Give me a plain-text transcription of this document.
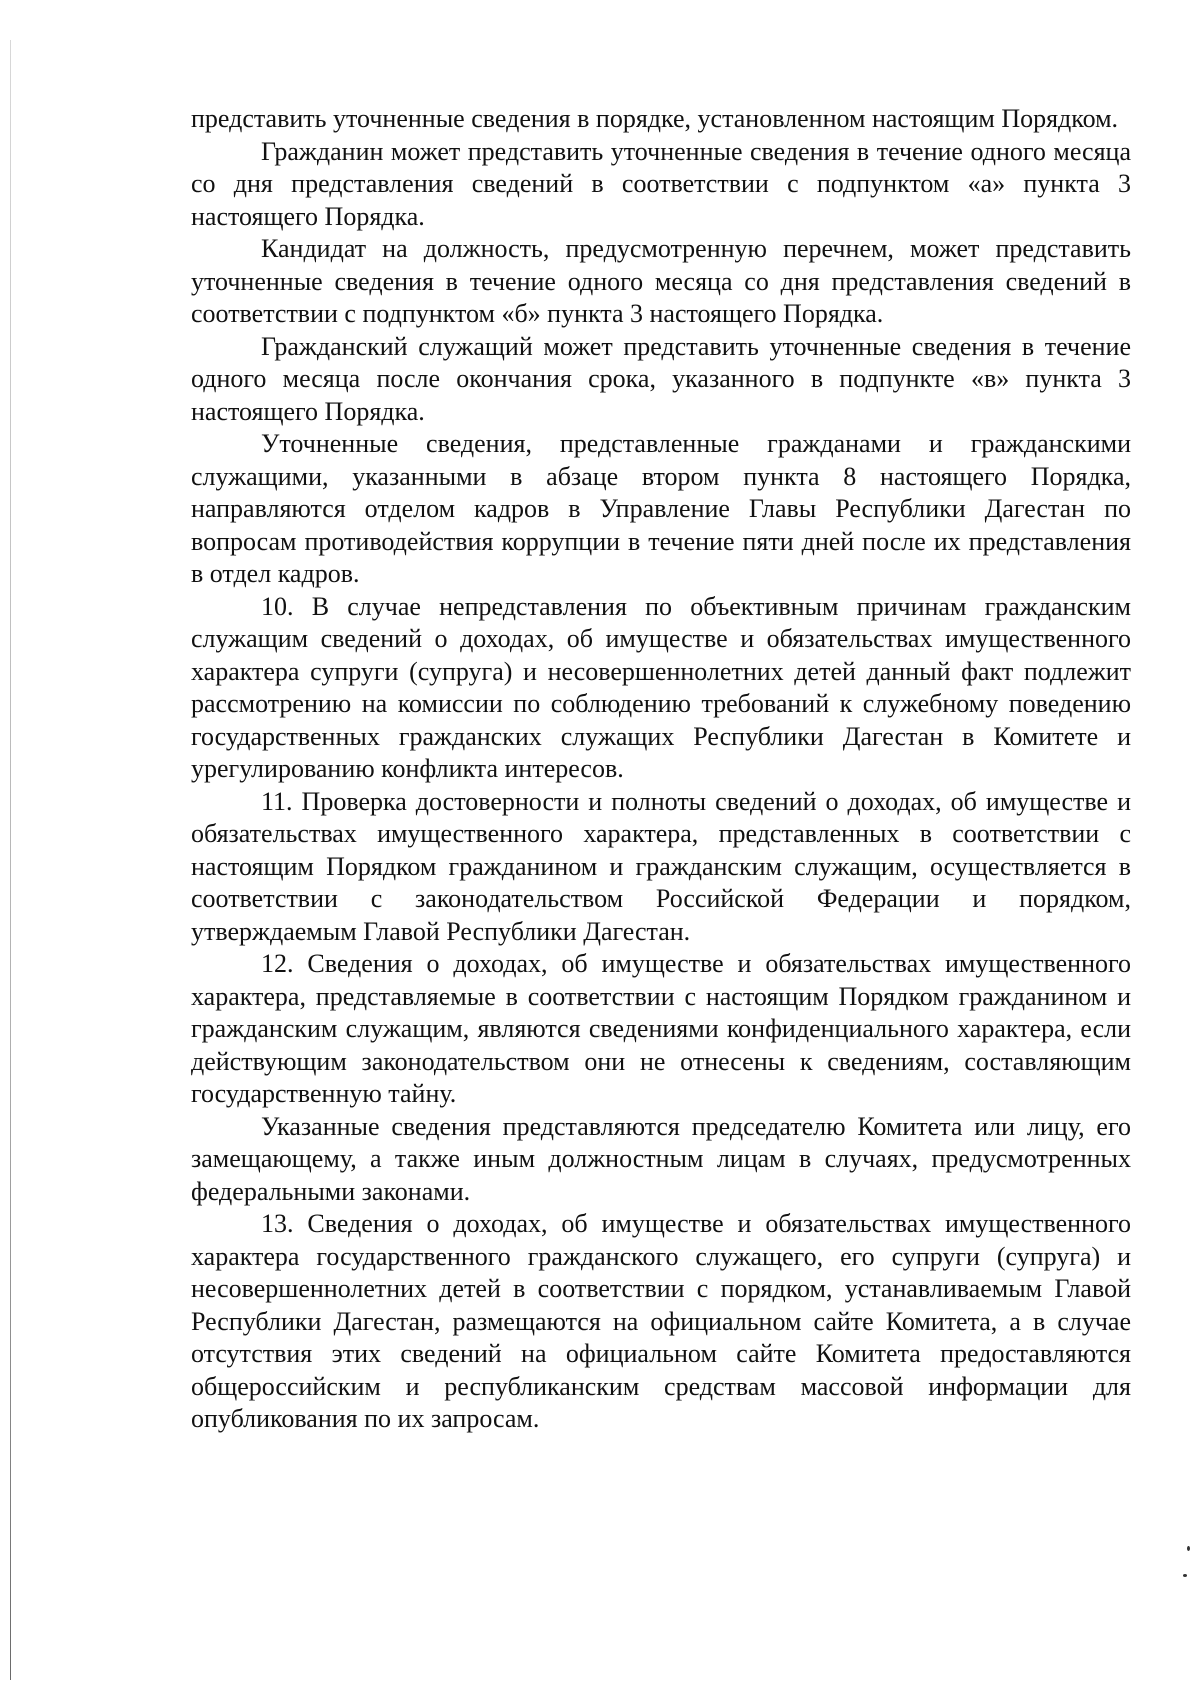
представить уточненные сведения в порядке, установленном настоящим Порядком.

Гражданин может представить уточненные сведения в течение одного месяца со дня представления сведений в соответствии с подпунктом «а» пункта 3 настоящего Порядка.

Кандидат на должность, предусмотренную перечнем, может представить уточненные сведения в течение одного месяца со дня представления сведений в соответствии с подпунктом «б» пункта 3 настоящего Порядка.

Гражданский служащий может представить уточненные сведения в течение одного месяца после окончания срока, указанного в подпункте «в» пункта 3 настоящего Порядка.

Уточненные сведения, представленные гражданами и гражданскими служащими, указанными в абзаце втором пункта 8 настоящего Порядка, направляются отделом кадров в Управление Главы Республики Дагестан по вопросам противодействия коррупции в течение пяти дней после их представления в отдел кадров.

10. В случае непредставления по объективным причинам гражданским служащим сведений о доходах, об имуществе и обязательствах имущественного характера супруги (супруга) и несовершеннолетних детей данный факт подлежит рассмотрению на комиссии по соблюдению требований к служебному поведению государственных гражданских служащих Республики Дагестан в Комитете и урегулированию конфликта интересов.

11. Проверка достоверности и полноты сведений о доходах, об имуществе и обязательствах имущественного характера, представленных в соответствии с настоящим Порядком гражданином и гражданским служащим, осуществляется в соответствии с законодательством Российской Федерации и порядком, утверждаемым Главой Республики Дагестан.

12. Сведения о доходах, об имуществе и обязательствах имущественного характера, представляемые в соответствии с настоящим Порядком гражданином и гражданским служащим, являются сведениями конфиденциального характера, если действующим законодательством они не отнесены к сведениям, составляющим государственную тайну.

Указанные сведения представляются председателю Комитета или лицу, его замещающему, а также иным должностным лицам в случаях, предусмотренных федеральными законами.

13. Сведения о доходах, об имуществе и обязательствах имущественного характера государственного гражданского служащего, его супруги (супруга) и несовершеннолетних детей в соответствии с порядком, устанавливаемым Главой Республики Дагестан, размещаются на официальном сайте Комитета, а в случае отсутствия этих сведений на официальном сайте Комитета предоставляются общероссийским и республиканским средствам массовой информации для опубликования по их запросам.
